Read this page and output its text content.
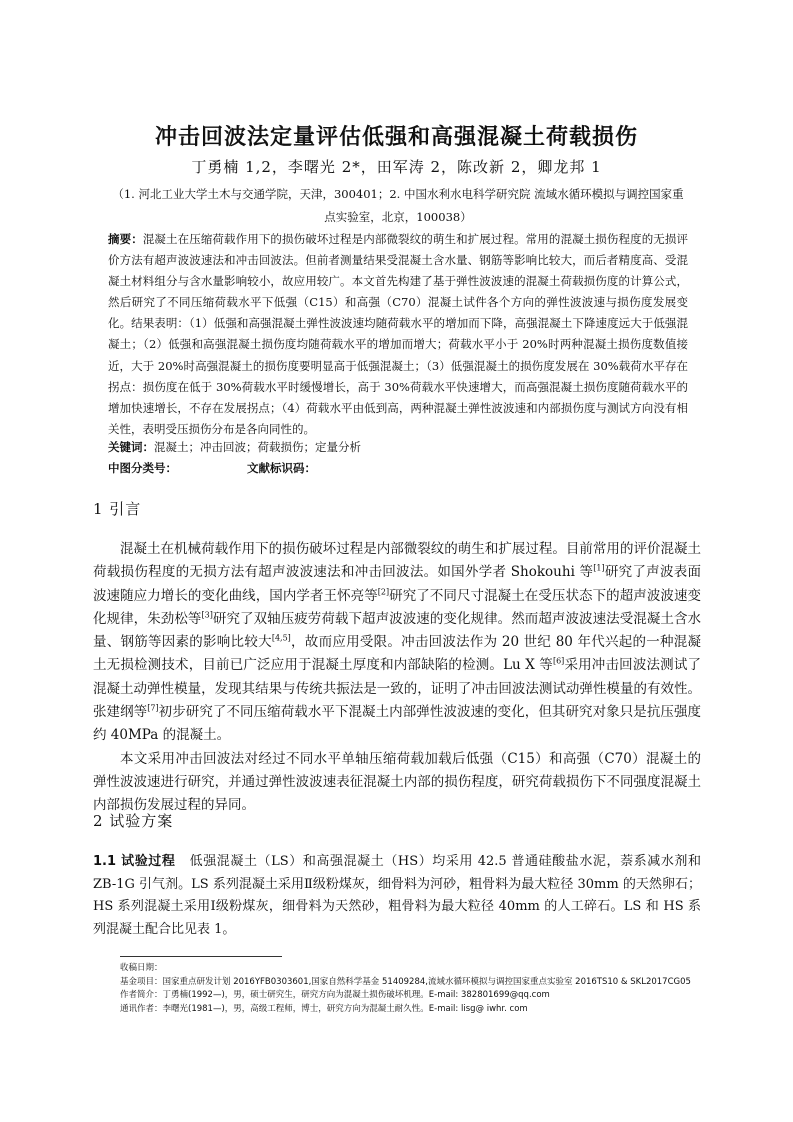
冲击回波法定量评估低强和高强混凝土荷载损伤
丁勇楠 1,2，李曙光 2*，田军涛 2，陈改新 2，卿龙邦 1
（1. 河北工业大学土木与交通学院，天津，300401；2. 中国水利水电科学研究院 流域水循环模拟与调控国家重点实验室，北京，100038）
摘要：混凝土在压缩荷载作用下的损伤破坏过程是内部微裂纹的萌生和扩展过程。常用的混凝土损伤程度的无损评价方法有超声波波速法和冲击回波法。但前者测量结果受混凝土含水量、钢筋等影响比较大，而后者精度高、受混凝土材料组分与含水量影响较小，故应用较广。本文首先构建了基于弹性波波速的混凝土荷载损伤度的计算公式，然后研究了不同压缩荷载水平下低强（C15）和高强（C70）混凝土试件各个方向的弹性波波速与损伤度发展变化。结果表明：（1）低强和高强混凝土弹性波波速均随荷载水平的增加而下降，高强混凝土下降速度远大于低强混凝土；（2）低强和高强混凝土损伤度均随荷载水平的增加而增大；荷载水平小于 20%时两种混凝土损伤度数值接近，大于 20%时高强混凝土的损伤度要明显高于低强混凝土；（3）低强混凝土的损伤度发展在 30%载荷水平存在拐点：损伤度在低于 30%荷载水平时缓慢增长，高于 30%荷载水平快速增大，而高强混凝土损伤度随荷载水平的增加快速增长，不存在发展拐点；（4）荷载水平由低到高，两种混凝土弹性波波速和内部损伤度与测试方向没有相关性，表明受压损伤分布是各向同性的。
关键词：混凝土；冲击回波；荷载损伤；定量分析
中图分类号：	文献标识码：
1 引言

混凝土在机械荷载作用下的损伤破坏过程是内部微裂纹的萌生和扩展过程。目前常用的评价混凝土荷载损伤程度的无损方法有超声波波速法和冲击回波法。如国外学者 Shokouhi 等[1]研究了声波表面波速随应力增长的变化曲线，国内学者王怀亮等[2]研究了不同尺寸混凝土在受压状态下的超声波波速变化规律，朱劲松等[3]研究了双轴压疲劳荷载下超声波波速的变化规律。然而超声波波速法受混凝土含水量、钢筋等因素的影响比较大[4,5]，故而应用受限。冲击回波法作为 20 世纪 80 年代兴起的一种混凝土无损检测技术，目前已广泛应用于混凝土厚度和内部缺陷的检测。Lu X 等[6]采用冲击回波法测试了混凝土动弹性模量，发现其结果与传统共振法是一致的，证明了冲击回波法测试动弹性模量的有效性。张建纲等[7]初步研究了不同压缩荷载水平下混凝土内部弹性波波速的变化，但其研究对象只是抗压强度约 40MPa 的混凝土。

本文采用冲击回波法对经过不同水平单轴压缩荷载加载后低强（C15）和高强（C70）混凝土的弹性波波速进行研究，并通过弹性波波速表征混凝土内部的损伤程度，研究荷载损伤下不同强度混凝土内部损伤发展过程的异同。

2 试验方案
1.1 试验过程 低强混凝土（LS）和高强混凝土（HS）均采用 42.5 普通硅酸盐水泥，萘系减水剂和 ZB-1G 引气剂。LS 系列混凝土采用Ⅱ级粉煤灰，细骨料为河砂，粗骨料为最大粒径 30mm 的天然卵石；HS 系列混凝土采用Ⅰ级粉煤灰，细骨料为天然砂，粗骨料为最大粒径 40mm 的人工碎石。LS 和 HS 系列混凝土配合比见表 1。
收稿日期：
基金项目：国家重点研发计划 2016YFB0303601,国家自然科学基金 51409284,流域水循环模拟与调控国家重点实验室 2016TS10 & SKL2017CG05
作者简介：丁勇楠(1992—)，男，硕士研究生，研究方向为混凝土损伤破坏机理。E-mail: 382801699@qq.com
通讯作者：李曙光(1981—)，男，高级工程师，博士，研究方向为混凝土耐久性。E-mail: lisg@ iwhr. com
